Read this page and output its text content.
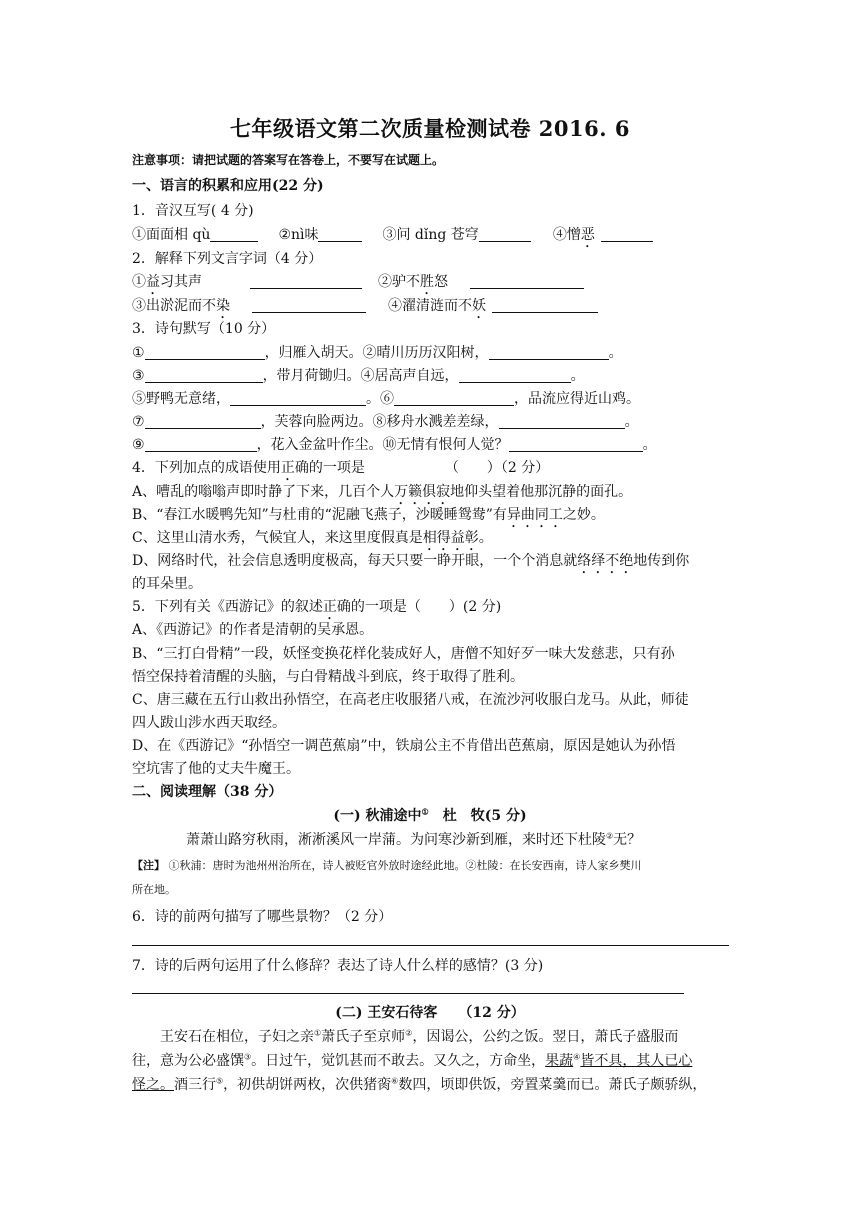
七年级语文第二次质量检测试卷 2016. 6
注意事项：请把试题的答案写在答卷上，不要写在试题上。
一、语言的积累和应用(22 分)
1．音汉互写( 4 分)
①面面相 qù	②nì味	③问 dǐng 苍穹	④憎恶
2．解释下列文言字词（4 分）
①益习其声	②驴不胜怒
③出淤泥而不染	④濯清涟而不妖
3．诗句默写（10 分）
①	，归雁入胡天。②晴川历历汉阳树，	。
③	，带月荷锄归。④居高声自远，	。
⑤野鸭无意绪，	。⑥	，品流应得近山鸡。
⑦	，芙蓉向脸两边。⑧移舟水溅差差绿，	。
⑨	，花入金盆叶作尘。⑩无情有恨何人觉？	。
4．下列加点的成语使用正确的一项是	（　　）（2 分）
A、嘈乱的嗡嗡声即时静了下来，几百个人万籁俱寂地仰头望着他那沉静的面孔。
B、“春江水暖鸭先知”与杜甫的“泥融飞燕子，沙暖睡鸳鸯”有异曲同工之妙。
C、这里山清水秀，气候宜人，来这里度假真是相得益彰。
D、网络时代，社会信息透明度极高，每天只要一睁开眼，一个个消息就络绎不绝地传到你
的耳朵里。
5．下列有关《西游记》的叙述正确的一项是（　　）(2 分)
A、《西游记》的作者是清朝的吴承恩。
B、“三打白骨精”一段，妖怪变换花样化装成好人，唐僧不知好歹一味大发慈悲，只有孙
悟空保持着清醒的头脑，与白骨精战斗到底，终于取得了胜利。
C、唐三藏在五行山救出孙悟空，在高老庄收服猪八戒，在流沙河收服白龙马。从此，师徒
四人跋山涉水西天取经。
D、在《西游记》“孙悟空一调芭蕉扇”中，铁扇公主不肯借出芭蕉扇，原因是她认为孙悟
空坑害了他的丈夫牛魔王。
二、阅读理解（38 分）
(一) 秋浦途中①　杜　牧(5 分)
萧萧山路穷秋雨，淅淅溪风一岸蒲。为问寒沙新到雁，来时还下杜陵②无？
【注】 ①秋浦：唐时为池州州治所在，诗人被贬官外放时途经此地。②杜陵：在长安西南，诗人家乡樊川
所在地。
6．诗的前两句描写了哪些景物？（2 分）
7．诗的后两句运用了什么修辞？表达了诗人什么样的感情？(3 分)
(二) 王安石待客　　（12 分）
王安石在相位，子妇之亲①萧氏子至京师②，因谒公，公约之饭。翌日，萧氏子盛服而
往，意为公必盛馔③。日过午，觉饥甚而不敢去。又久之，方命坐，果蔬④皆不具，其人已心
怪之。酒三行⑤，初供胡饼两枚，次供猪脔⑥数四，顷即供饭，旁置菜羹而已。萧氏子颇骄纵，
